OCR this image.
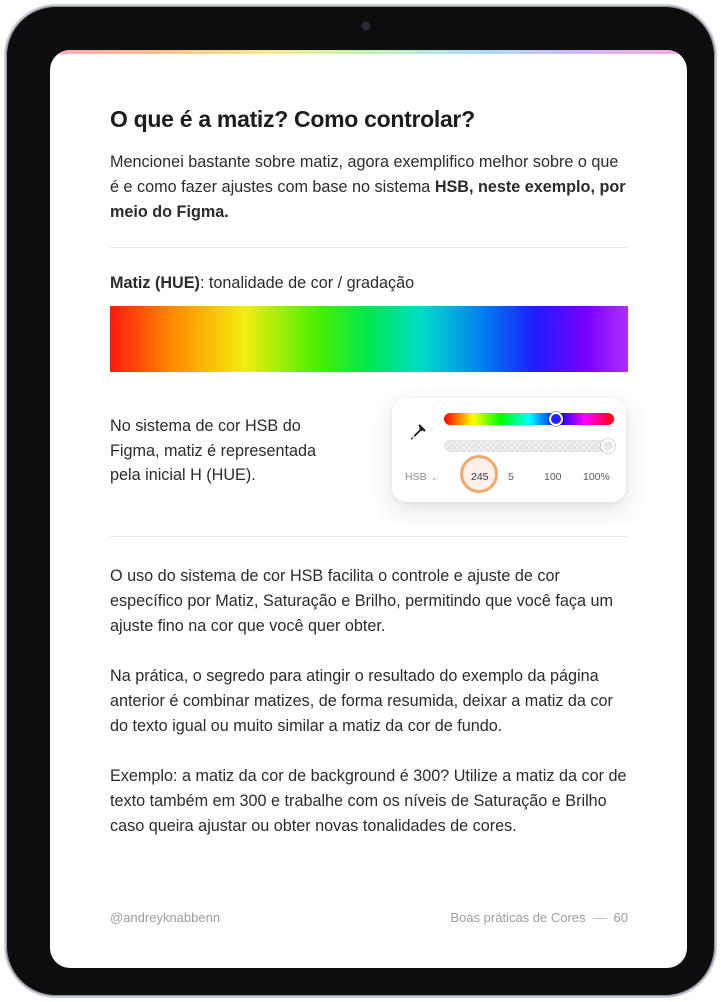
O que é a matiz? Como controlar?

Mencionei bastante sobre matiz, agora exemplifico melhor sobre o que é e como fazer ajustes com base no sistema HSB, neste exemplo, por meio do Figma.

Matiz (HUE): tonalidade de cor / gradação

No sistema de cor HSB do Figma, matiz é representada pela inicial H (HUE).	HSB ⌄	245 5	100 100%

O uso do sistema de cor HSB facilita o controle e ajuste de cor específico por Matiz, Saturação e Brilho, permitindo que você faça um ajuste fino na cor que você quer obter.

Na prática, o segredo para atingir o resultado do exemplo da página anterior é combinar matizes, de forma resumida, deixar a matiz da cor do texto igual ou muito similar a matiz da cor de fundo.

Exemplo: a matiz da cor de background é 300? Utilize a matiz da cor de texto também em 300 e trabalhe com os níveis de Saturação e Brilho caso queira ajustar ou obter novas tonalidades de cores.

@andreyknabbenn	Boas práticas de Cores 60
